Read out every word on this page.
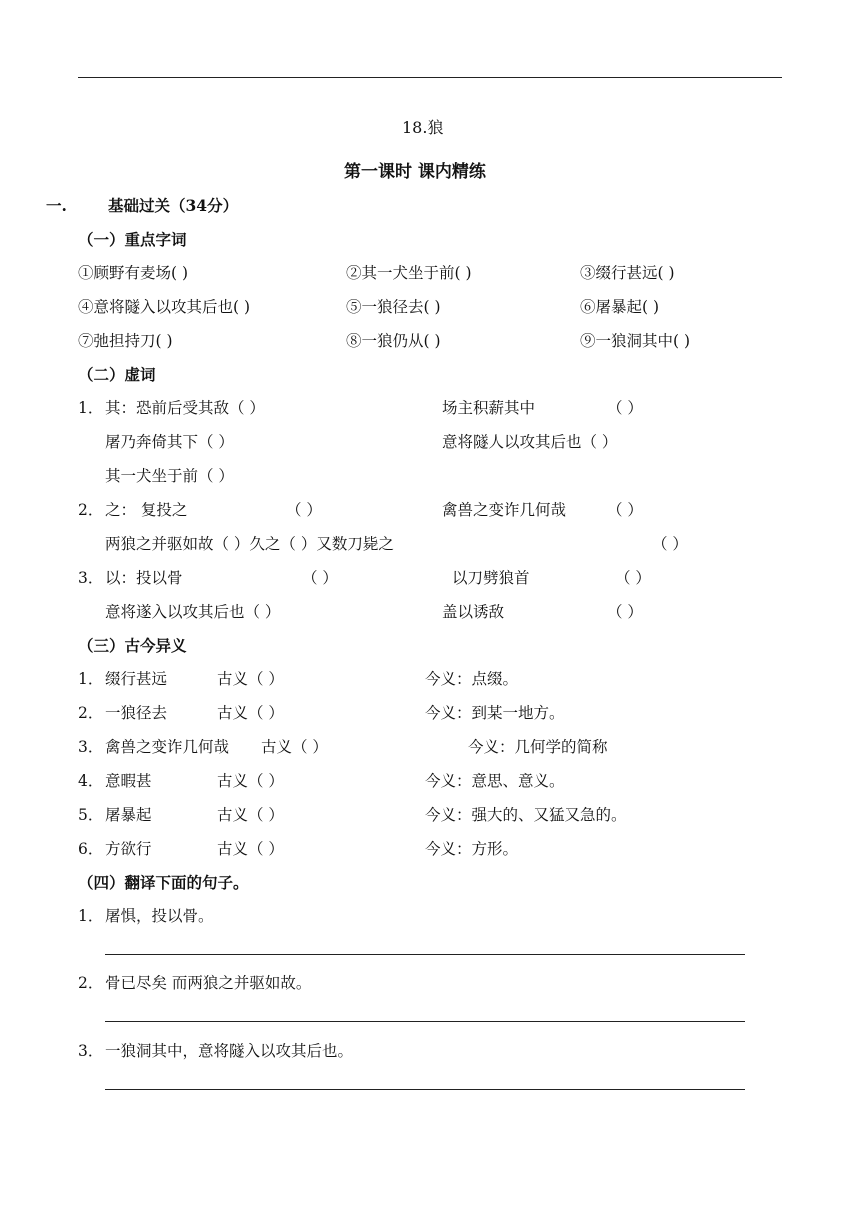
18.狼
第一课时 课内精练
一.	基础过关（34分）
（一）重点字词
①顾野有麦场( )	②其一犬坐于前( )	③缀行甚远( )
④意将隧入以攻其后也( )	⑤一狼径去( )	⑥屠暴起( )
⑦弛担持刀( )	⑧一狼仍从( )	⑨一狼洞其中( )
（二）虚词
1． 其：恐前后受其敌（ ）	场主积薪其中	（ ）
屠乃奔倚其下（ ）	意将隧人以攻其后也（ ）
其一犬坐于前（ ）
2． 之： 复投之	（ ）	禽兽之变诈几何哉	（ ）
两狼之并驱如故（ ）久之（ ）又数刀毙之	（ ）
3． 以：投以骨	（ ）	以刀劈狼首	（ ）
意将遂入以攻其后也（ ）	盖以诱敌	（ ）
（三）古今异义
1． 缀行甚远	古义（ ）	今义：点缀。
2． 一狼径去	古义（ ）	今义：到某一地方。
3． 禽兽之变诈几何哉 古义（ ）	今义：几何学的简称
4． 意暇甚	古义（ ）	今义：意思、意义。
5． 屠暴起	古义（ ）	今义：强大的、又猛又急的。
6． 方欲行	古义（ ）	今义：方形。
（四）翻译下面的句子。
1． 屠惧，投以骨。
2． 骨已尽矣 而两狼之并驱如故。
3． 一狼洞其中，意将隧入以攻其后也。
